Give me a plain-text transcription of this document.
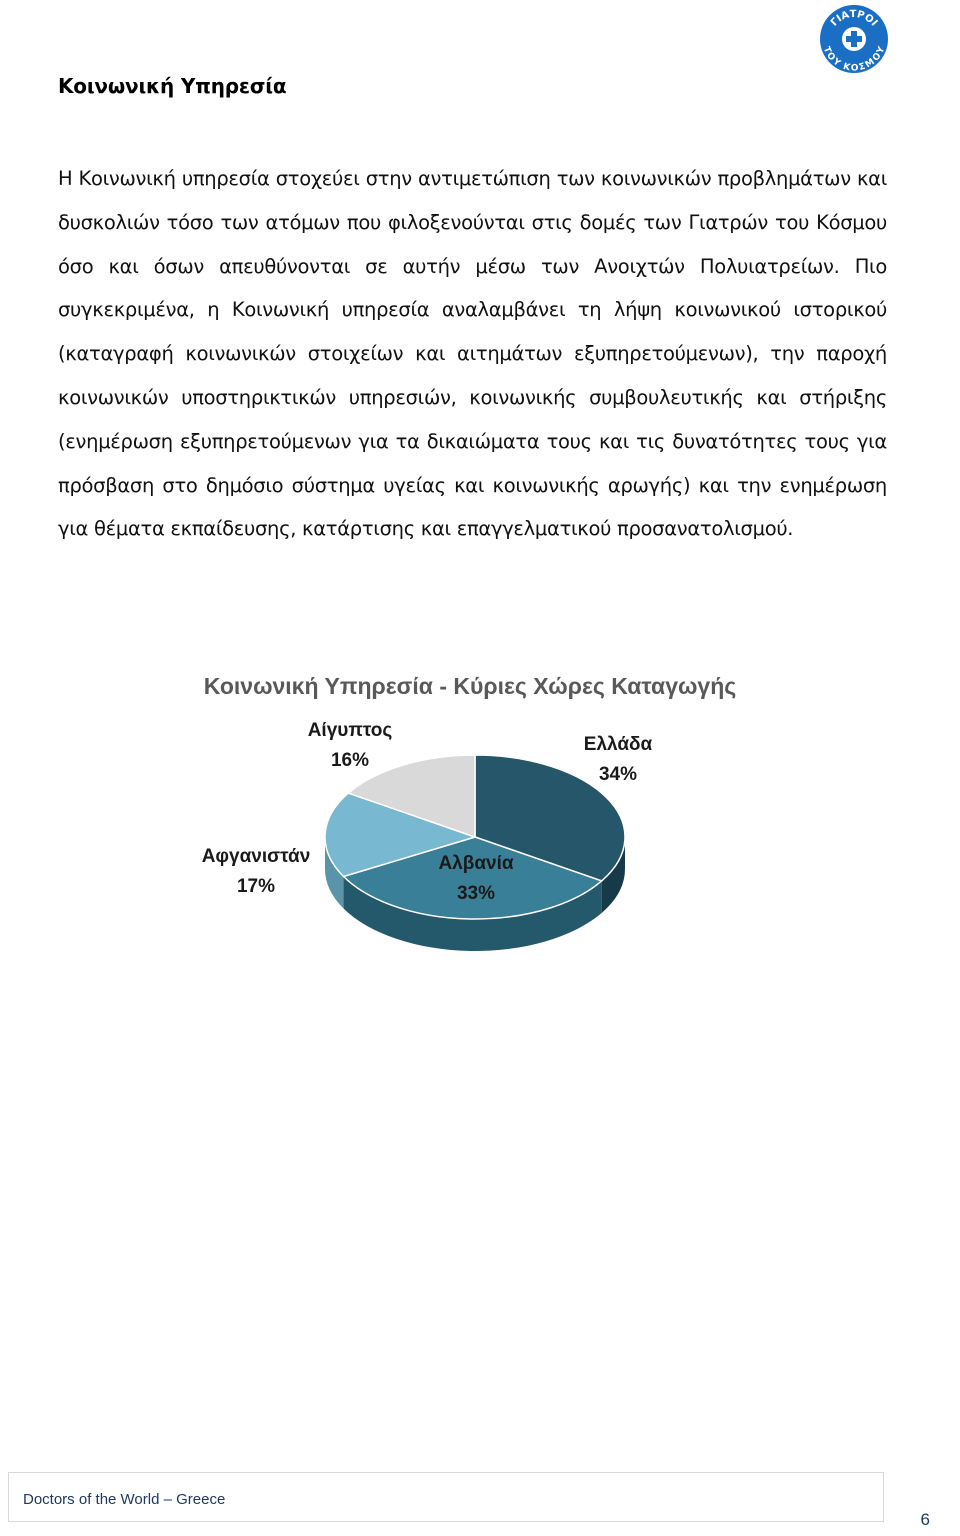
ΓΙΑΤΡΟΙ
ΤΟΥ ΚΟΣΜΟΥ
Κοινωνική Υπηρεσία
Η Κοινωνική υπηρεσία στοχεύει στην αντιμετώπιση των κοινωνικών προβλημάτων και δυσκολιών τόσο των ατόμων που φιλοξενούνται στις δομές των Γιατρών του Κόσμου όσο και όσων απευθύνονται σε αυτήν μέσω των Ανοιχτών Πολυιατρείων. Πιο συγκεκριμένα, η Κοινωνική υπηρεσία αναλαμβάνει τη λήψη κοινωνικού ιστορικού (καταγραφή κοινωνικών στοιχείων και αιτημάτων εξυπηρετούμενων), την παροχή κοινωνικών υποστηρικτικών υπηρεσιών, κοινωνικής συμβουλευτικής και στήριξης (ενημέρωση εξυπηρετούμενων για τα δικαιώματα τους και τις δυνατότητες τους για πρόσβαση στο δημόσιο σύστημα υγείας και κοινωνικής αρωγής) και την ενημέρωση για θέματα εκπαίδευσης, κατάρτισης και επαγγελματικού προσανατολισμού.
Κοινωνική Υπηρεσία - Κύριες Χώρες Καταγωγής
Ελλάδα
34%
Αλβανία
33%
Αφγανιστάν
17%
Αίγυπτος
16%
Doctors of the World – Greece
6
